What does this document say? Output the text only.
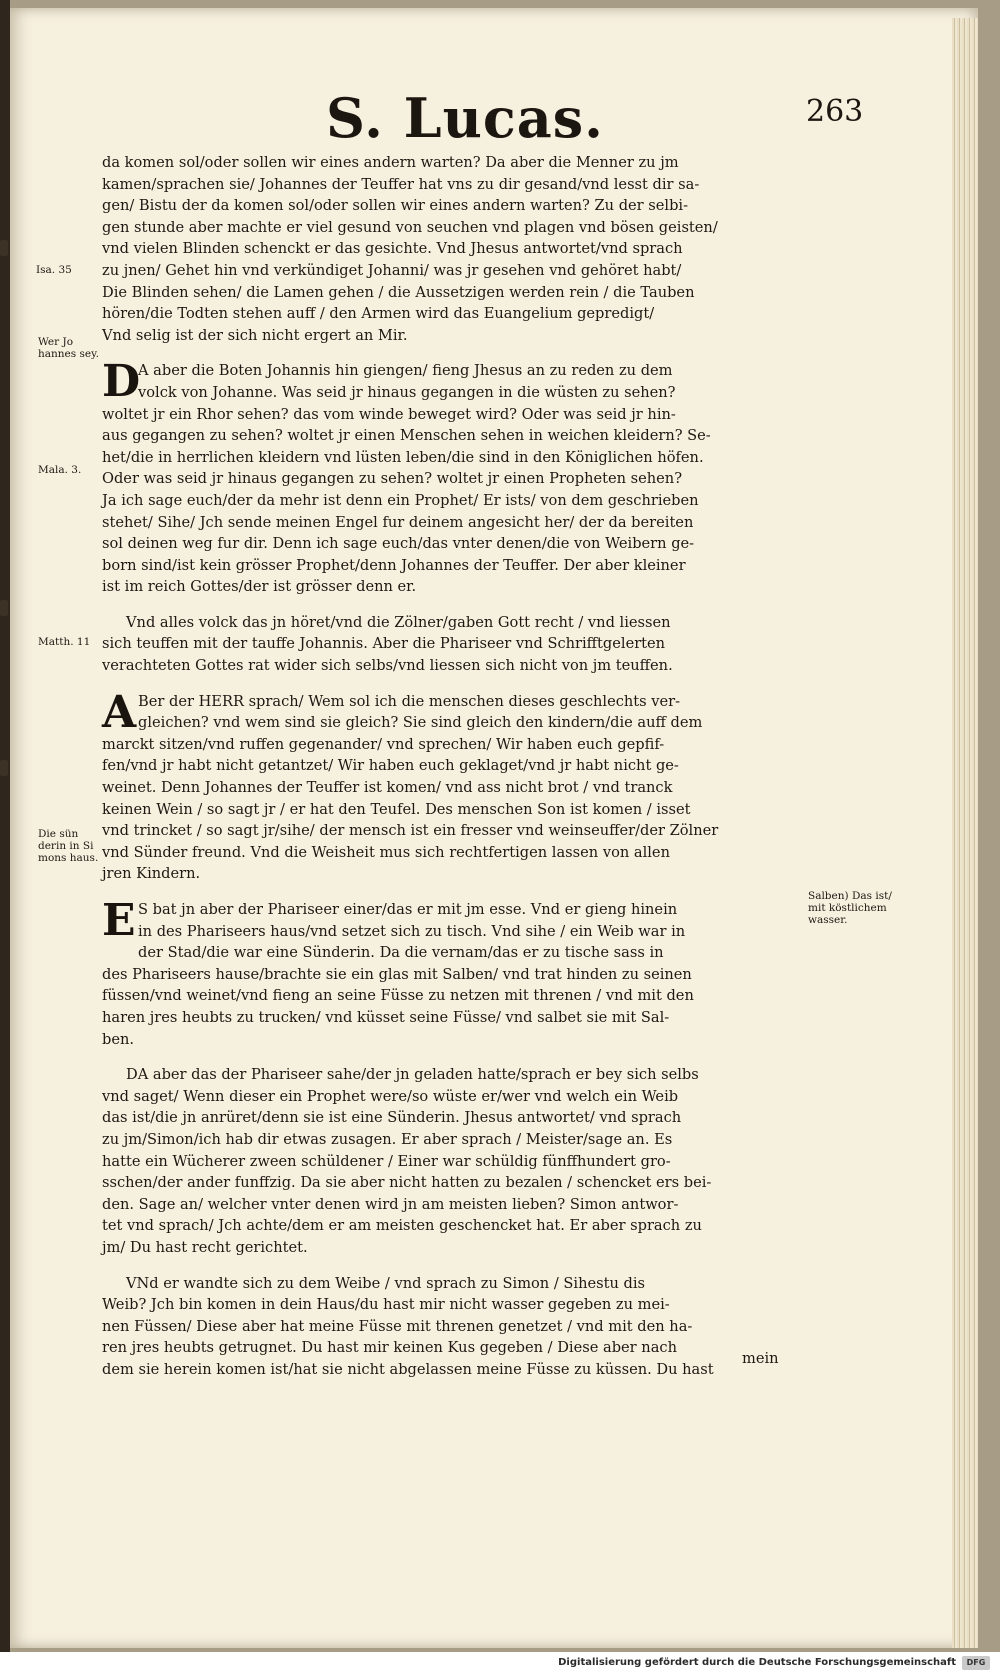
S. Lucas.	263
Isa. 35
Wer Jo
hannes sey.
Mala. 3.
Matth. 11
Die sün
derin in Si
mons haus.
Salben) Das ist/
mit köstlichem
wasser.
da komen sol/oder sollen wir eines andern warten? Da aber die Menner zu jm
kamen/sprachen sie/ Johannes der Teuffer hat vns zu dir gesand/vnd lesst dir sa-
gen/ Bistu der da komen sol/oder sollen wir eines andern warten? Zu der selbi-
gen stunde aber machte er viel gesund von seuchen vnd plagen vnd bösen geisten/
vnd vielen Blinden schenckt er das gesichte. Vnd Jhesus antwortet/vnd sprach
zu jnen/ Gehet hin vnd verkündiget Johanni/ was jr gesehen vnd gehöret habt/
Die Blinden sehen/ die Lamen gehen / die Aussetzigen werden rein / die Tauben
hören/die Todten stehen auff / den Armen wird das Euangelium gepredigt/
Vnd selig ist der sich nicht ergert an Mir.
D
A aber die Boten Johannis hin giengen/ fieng Jhesus an zu reden zu dem
volck von Johanne. Was seid jr hinaus gegangen in die wüsten zu sehen?
woltet jr ein Rhor sehen? das vom winde beweget wird? Oder was seid jr hin-
aus gegangen zu sehen? woltet jr einen Menschen sehen in weichen kleidern? Se-
het/die in herrlichen kleidern vnd lüsten leben/die sind in den Königlichen höfen.
Oder was seid jr hinaus gegangen zu sehen? woltet jr einen Propheten sehen?
Ja ich sage euch/der da mehr ist denn ein Prophet/ Er ists/ von dem geschrieben
stehet/ Sihe/ Jch sende meinen Engel fur deinem angesicht her/ der da bereiten
sol deinen weg fur dir. Denn ich sage euch/das vnter denen/die von Weibern ge-
born sind/ist kein grösser Prophet/denn Johannes der Teuffer. Der aber kleiner
ist im reich Gottes/der ist grösser denn er.
Vnd alles volck das jn höret/vnd die Zölner/gaben Gott recht / vnd liessen
sich teuffen mit der tauffe Johannis. Aber die Phariseer vnd Schrifftgelerten
verachteten Gottes rat wider sich selbs/vnd liessen sich nicht von jm teuffen.
A Ber der HERR sprach/ Wem sol ich die menschen dieses geschlechts ver-
gleichen? vnd wem sind sie gleich? Sie sind gleich den kindern/die auff dem
marckt sitzen/vnd ruffen gegenander/ vnd sprechen/ Wir haben euch gepfif-
fen/vnd jr habt nicht getantzet/ Wir haben euch geklaget/vnd jr habt nicht ge-
weinet. Denn Johannes der Teuffer ist komen/ vnd ass nicht brot / vnd tranck
keinen Wein / so sagt jr / er hat den Teufel. Des menschen Son ist komen / isset
vnd trincket / so sagt jr/sihe/ der mensch ist ein fresser vnd weinseuffer/der Zölner
vnd Sünder freund. Vnd die Weisheit mus sich rechtfertigen lassen von allen
jren Kindern.
E S bat jn aber der Phariseer einer/das er mit jm esse. Vnd er gieng hinein
in des Phariseers haus/vnd setzet sich zu tisch. Vnd sihe / ein Weib war in
der Stad/die war eine Sünderin. Da die vernam/das er zu tische sass in
des Phariseers hause/brachte sie ein glas mit Salben/ vnd trat hinden zu seinen
füssen/vnd weinet/vnd fieng an seine Füsse zu netzen mit threnen / vnd mit den
haren jres heubts zu trucken/ vnd küsset seine Füsse/ vnd salbet sie mit Sal-
ben.
DA aber das der Phariseer sahe/der jn geladen hatte/sprach er bey sich selbs
vnd saget/ Wenn dieser ein Prophet were/so wüste er/wer vnd welch ein Weib
das ist/die jn anrüret/denn sie ist eine Sünderin. Jhesus antwortet/ vnd sprach
zu jm/Simon/ich hab dir etwas zusagen. Er aber sprach / Meister/sage an. Es
hatte ein Wücherer zween schüldener / Einer war schüldig fünffhundert gro-
sschen/der ander funffzig. Da sie aber nicht hatten zu bezalen / schencket ers bei-
den. Sage an/ welcher vnter denen wird jn am meisten lieben? Simon antwor-
tet vnd sprach/ Jch achte/dem er am meisten geschencket hat. Er aber sprach zu
jm/ Du hast recht gerichtet.
VNd er wandte sich zu dem Weibe / vnd sprach zu Simon / Sihestu dis
Weib? Jch bin komen in dein Haus/du hast mir nicht wasser gegeben zu mei-
nen Füssen/ Diese aber hat meine Füsse mit threnen genetzet / vnd mit den ha-
ren jres heubts getrugnet. Du hast mir keinen Kus gegeben / Diese aber nach
dem sie herein komen ist/hat sie nicht abgelassen meine Füsse zu küssen. Du hast
mein
Digitalisierung gefördert durch die Deutsche Forschungsgemeinschaft	DFG
